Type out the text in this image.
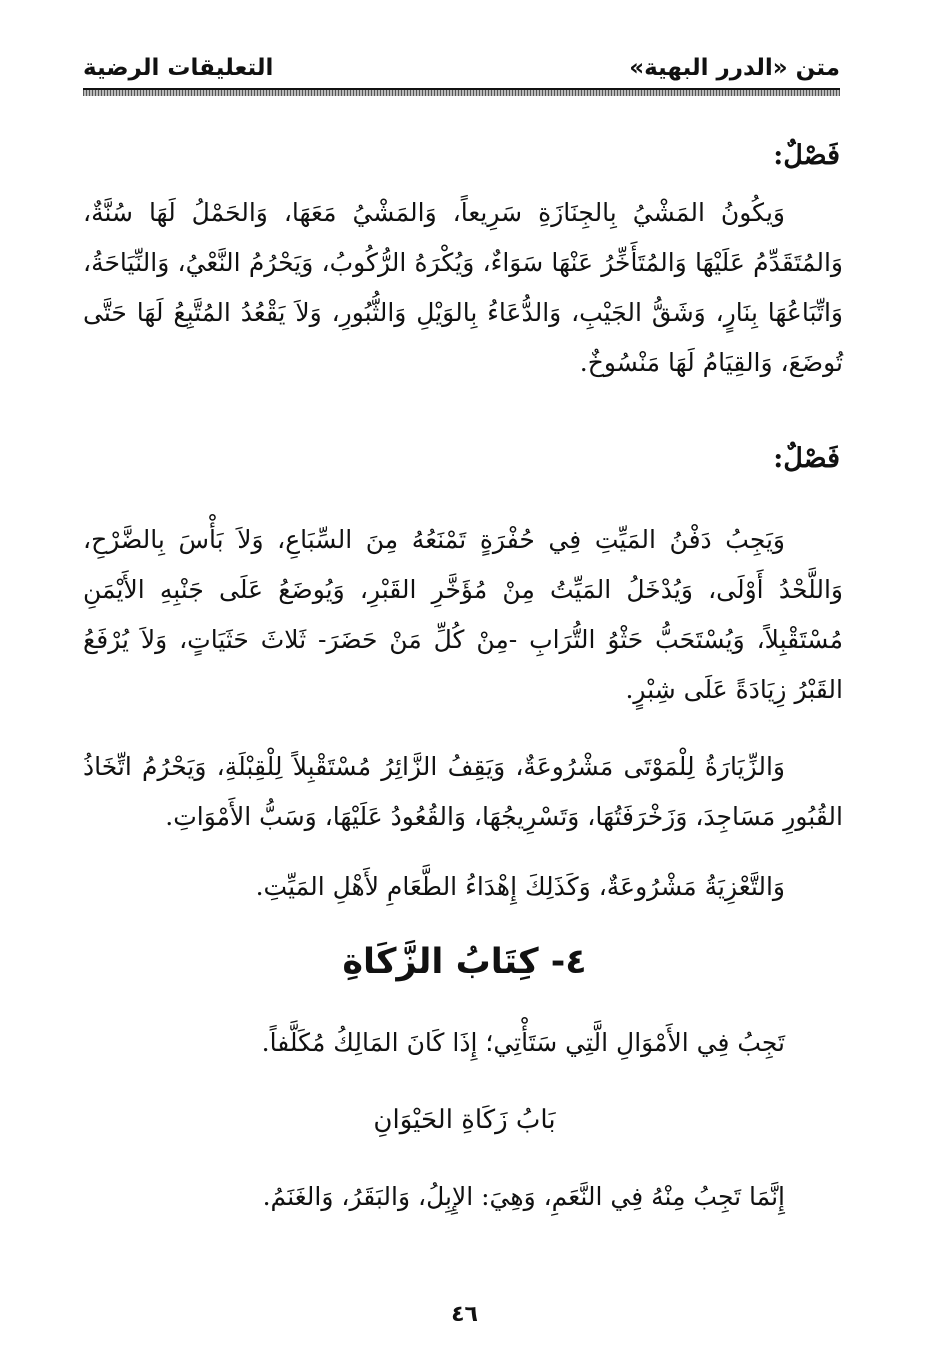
متن «الدرر البهية»
التعليقات الرضية
فَصْلٌ:

وَيكُونُ المَشْيُ بِالجِنَازَةِ سَرِيعاً، وَالمَشْيُ مَعَهَا، وَالحَمْلُ لَهَا سُنَّةٌ، وَالمُتَقَدِّمُ عَلَيْهَا وَالمُتَأَخِّرُ عَنْهَا سَوَاءٌ، وَيُكْرَهُ الرُّكُوبُ، وَيَحْرُمُ النَّعْيُ، وَالنِّيَاحَةُ، وَاتِّبَاعُهَا بِنَارٍ، وَشَقُّ الجَيْبِ، وَالدُّعَاءُ بِالوَيْلِ وَالثُّبُورِ، وَلاَ يَقْعُدُ المُتَّبِعُ لَهَا حَتَّى تُوضَعَ، وَالقِيَامُ لَهَا مَنْسُوخٌ.

فَصْلٌ:

وَيَجِبُ دَفْنُ المَيِّتِ فِي حُفْرَةٍ تَمْنَعُهُ مِنَ السِّبَاعِ، وَلاَ بَأْسَ بِالضَّرْحِ، وَاللَّحْدُ أَوْلَى، وَيُدْخَلُ المَيِّتُ مِنْ مُؤَخَّرِ القَبْرِ، وَيُوضَعُ عَلَى جَنْبِهِ الأَيْمَنِ مُسْتَقْبِلاً، وَيُسْتَحَبُّ حَثْوُ التُّرَابِ -مِنْ كُلِّ مَنْ حَضَرَ- ثَلاثَ حَثَيَاتٍ، وَلاَ يُرْفَعُ القَبْرُ زِيَادَةً عَلَى شِبْرٍ.

وَالزِّيَارَةُ لِلْمَوْتَى مَشْرُوعَةٌ، وَيَقِفُ الزَّائِرُ مُسْتَقْبِلاً لِلْقِبْلَةِ، وَيَحْرُمُ اتِّخَاذُ القُبُورِ مَسَاجِدَ، وَزَخْرَفَتُهَا، وَتَسْرِيجُهَا، وَالقُعُودُ عَلَيْهَا، وَسَبُّ الأَمْوَاتِ.

وَالتَّعْزِيَةُ مَشْرُوعَةٌ، وَكَذَلِكَ إِهْدَاءُ الطَّعَامِ لأَهْلِ المَيِّتِ.

٤- كِتَابُ الزَّكَاةِ

تَجِبُ فِي الأَمْوَالِ الَّتِي سَتَأْتِي؛ إِذَا كَانَ المَالِكُ مُكَلَّفاً.

بَابُ زَكَاةِ الحَيْوَانِ

إِنَّمَا تَجِبُ مِنْهُ فِي النَّعَمِ، وَهِيَ: الإِبِلُ، وَالبَقَرُ، وَالغَنَمُ.

٤٦
